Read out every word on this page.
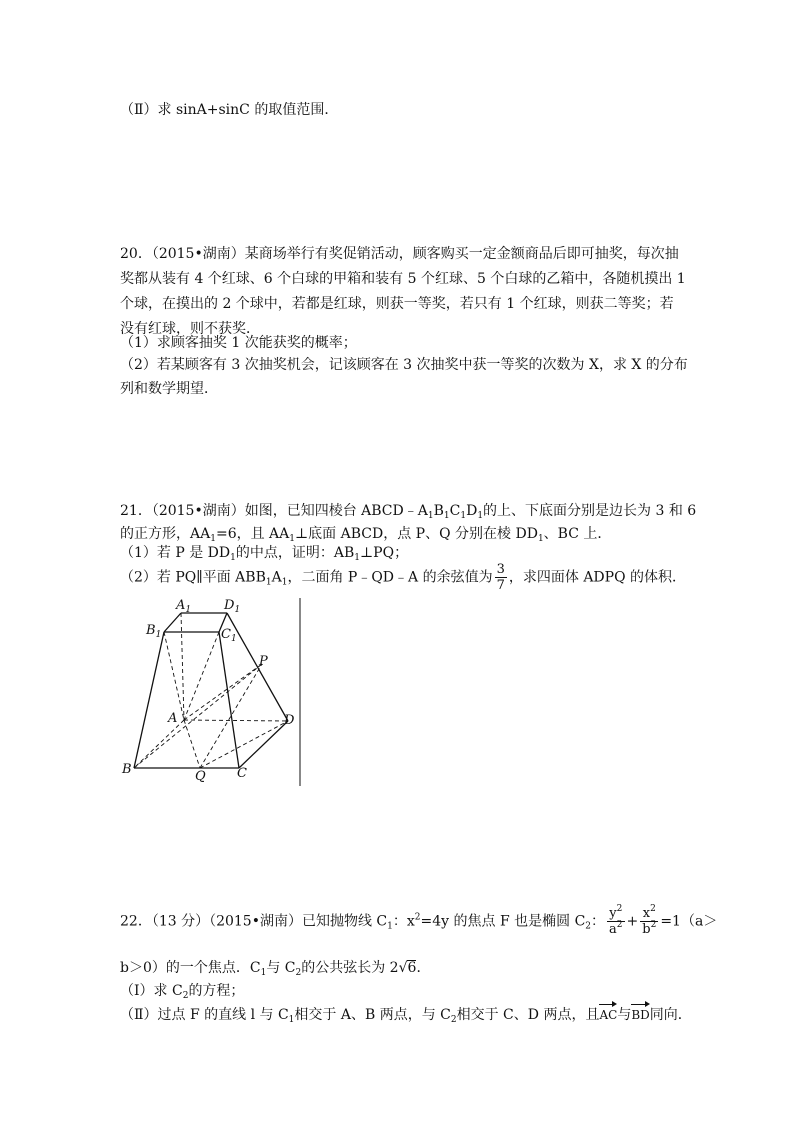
（Ⅱ）求 sinA+sinC 的取值范围．
20．（2015•湖南）某商场举行有奖促销活动，顾客购买一定金额商品后即可抽奖，每次抽
奖都从装有 4 个红球、6 个白球的甲箱和装有 5 个红球、5 个白球的乙箱中，各随机摸出 1
个球，在摸出的 2 个球中，若都是红球，则获一等奖，若只有 1 个红球，则获二等奖；若
没有红球，则不获奖．
（1）求顾客抽奖 1 次能获奖的概率；
（2）若某顾客有 3 次抽奖机会，记该顾客在 3 次抽奖中获一等奖的次数为 X，求 X 的分布
列和数学期望．
21．（2015•湖南）如图，已知四棱台 $ABCD﹣A_1B_1C_1D_1$的上、下底面分别是边长为 3 和 6
的正方形，$AA_1=6$，且 $AA_1\perp$底面 ABCD，点 P、Q 分别在棱 $DD_1$、BC 上．
（1）若 P 是 $DD_1$的中点，证明：$AB_1\perp PQ$；
（2）若 PQ∥平面 $ABB_1A_1$，二面角 P﹣QD﹣A 的余弦值为 $\frac{3}{7}$ ，求四面体 ADPQ 的体积．
$A_1$	$D_1$
$B_1$	$C_1$
P
A	D
B	Q C
22．（13 分）（2015•湖南）已知抛物线 $C_1$：$x^2=4y$ 的焦点 F 也是椭圆 $C_2$： $\frac{y^2}{a^2} + \frac{x^2}{b^2} =1(a>$
b＞0）的一个焦点．$C_1$与 $C_2$的公共弦长为 2√6．
（Ⅰ）求 $C_2$的方程；
（Ⅱ）过点 F 的直线 l 与 $C_1$相交于 A、B 两点，与 $C_2$相交于 C、D 两点，且AC与BD同向．
